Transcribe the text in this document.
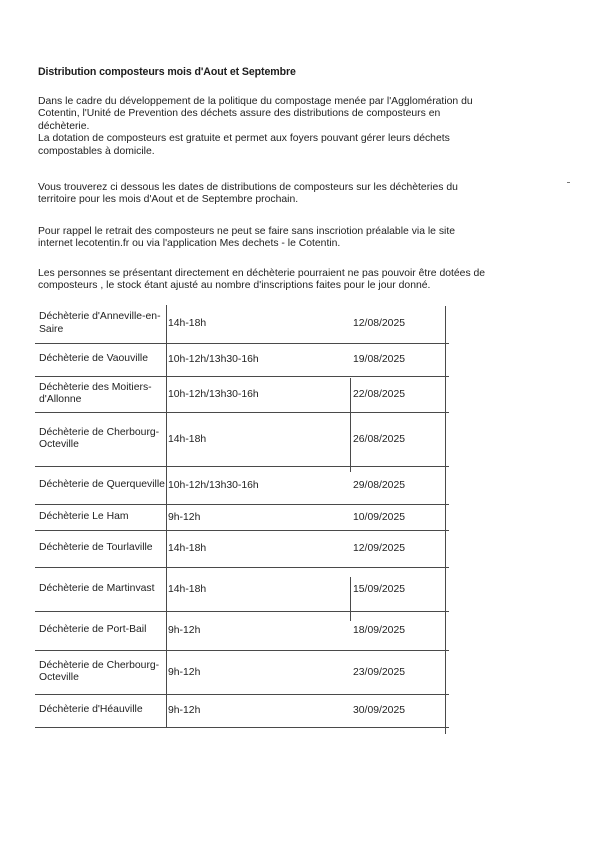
Distribution composteurs mois d'Aout et Septembre
Dans le cadre du développement de la politique du compostage menée par l'Agglomération du
Cotentin, l'Unité de Prevention des déchets assure des distributions de composteurs en
déchèterie.
La dotation de composteurs est gratuite et permet aux foyers pouvant gérer leurs déchets
compostables à domicile.
Vous trouverez ci dessous les dates de distributions de composteurs sur les déchèteries du
territoire pour les mois d'Aout et de Septembre prochain.
Pour rappel le retrait des composteurs ne peut se faire sans inscriotion préalable via le site
internet lecotentin.fr ou via l'application Mes dechets - le Cotentin.
Les personnes se présentant directement en déchèterie pourraient ne pas pouvoir être dotées de
composteurs , le stock étant ajusté au nombre d'inscriptions faites pour le jour donné.
Déchèterie d'Anneville-en-Saire	14h-18h	12/08/2025
Déchèterie de Vaouville	10h-12h/13h30-16h	19/08/2025
Déchèterie des Moitiers-d'Allonne	10h-12h/13h30-16h	22/08/2025
Déchèterie de Cherbourg-Octeville	14h-18h	26/08/2025
Déchèterie de Querqueville	10h-12h/13h30-16h	29/08/2025
Déchèterie Le Ham	9h-12h	10/09/2025
Déchèterie de Tourlaville	14h-18h	12/09/2025
Déchèterie de Martinvast	14h-18h	15/09/2025
Déchèterie de Port-Bail	9h-12h	18/09/2025
Déchèterie de Cherbourg-Octeville	9h-12h	23/09/2025
Déchèterie d'Héauville	9h-12h	30/09/2025
